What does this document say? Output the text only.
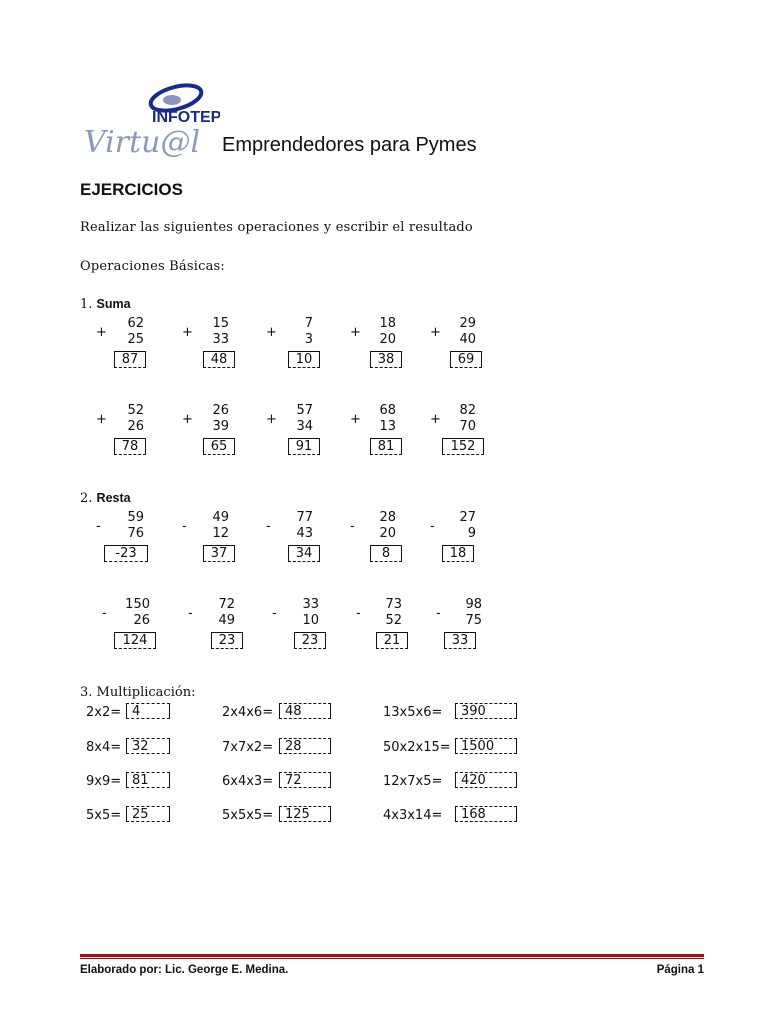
INFOTEP
Virtu@l Emprendedores para Pymes
EJERCICIOS
Realizar las siguientes operaciones y escribir el resultado
Operaciones Básicas:
1. Suma
2. Resta
3. Multiplicación:
+
62
25
87
+
15
33
48
+
7
3
10
+
18
20
38
+
29
40
69
+
52
26
78
+
26
39
65
+
57
34
91
+
68
13
81
+
82
70
152
-
59
76
-23
-
49
12
37
-
77
43
34
-
28
20
8
-
27
9
18
-
150
26
124
-
72
49
23
-
33
10
23
-
73
52
21
-
98
75
33
2x2= 4	2x4x6= 48	13x5x6=	390
8x4= 32	7x7x2= 28	50x2x15= 1500
9x9= 81	6x4x3= 72	12x7x5=	420
5x5= 25	5x5x5= 125	4x3x14=	168
Elaborado por: Lic. George E. Medina.	Página 1
